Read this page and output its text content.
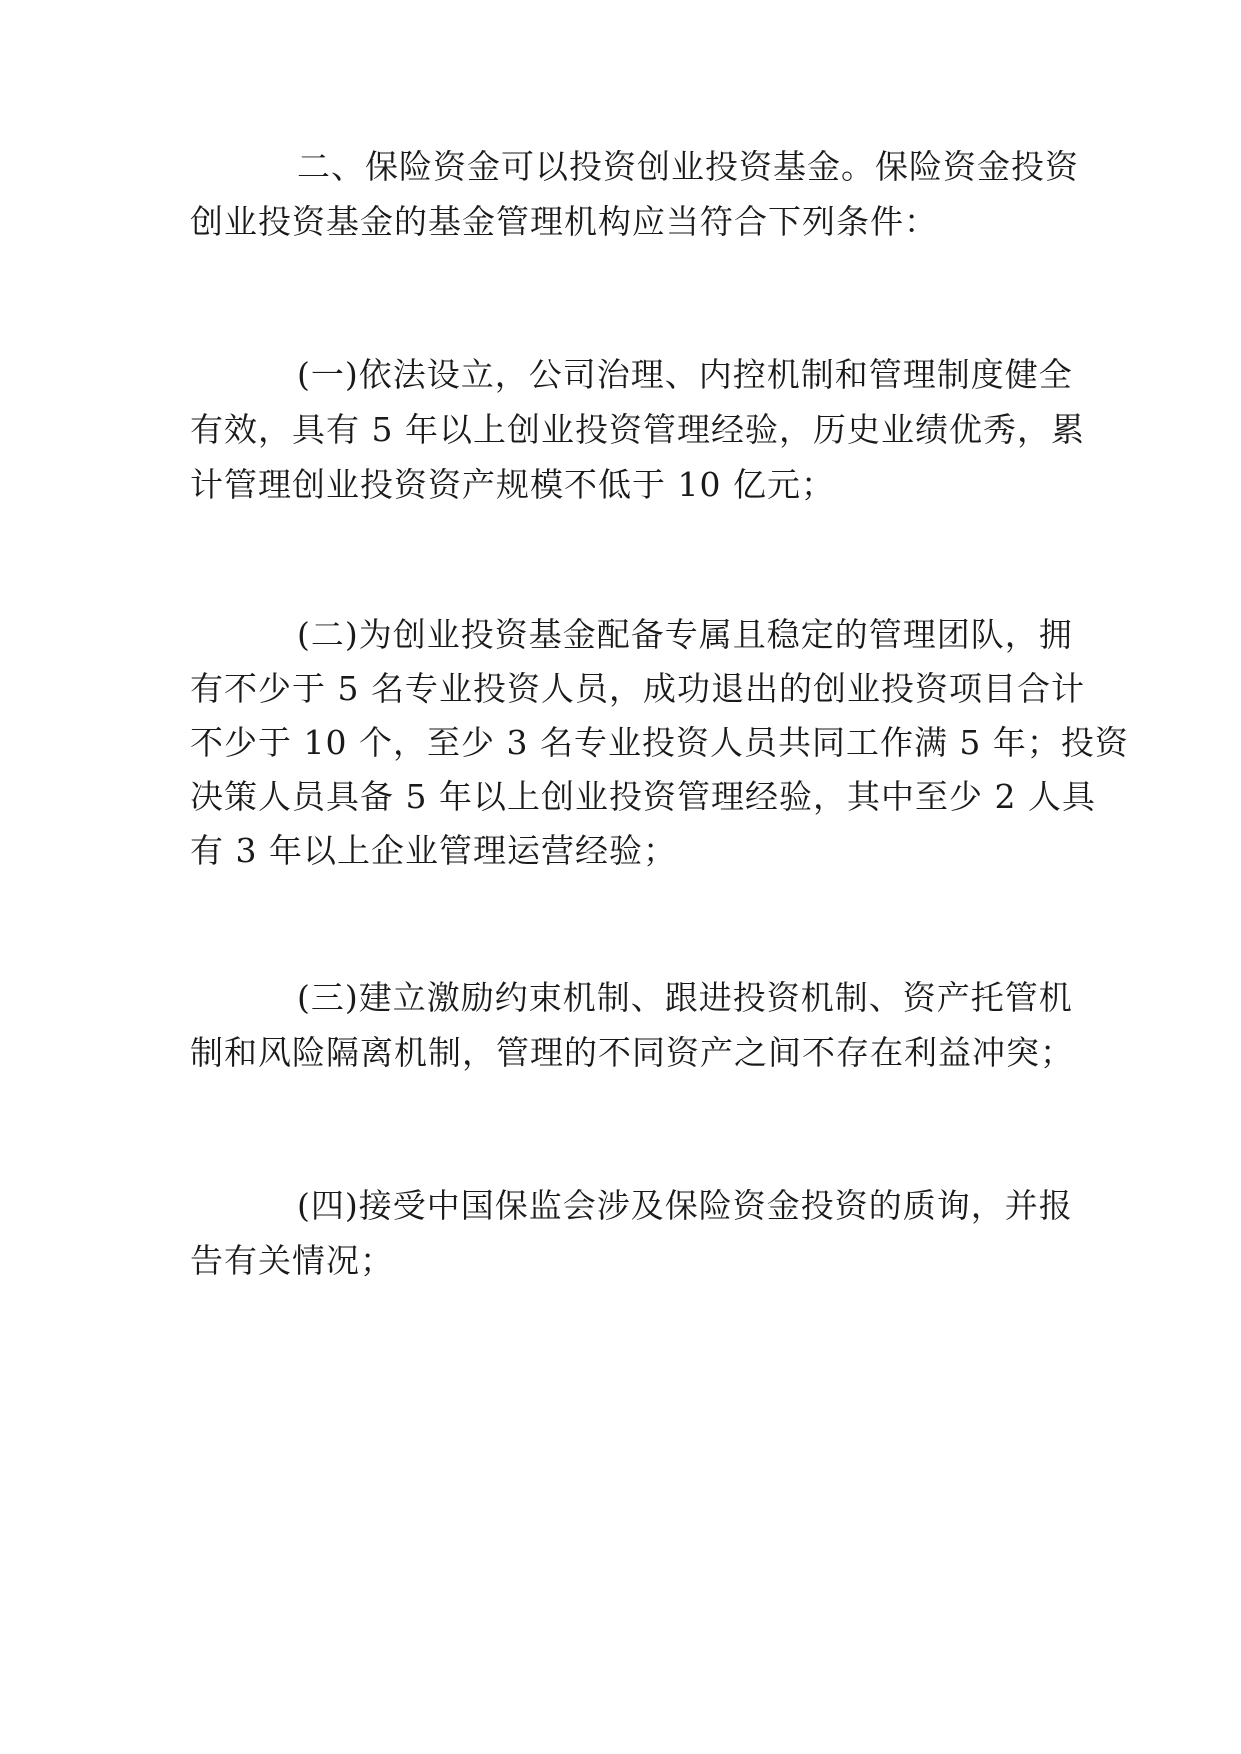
二、保险资金可以投资创业投资基金。保险资金投资
创业投资基金的基金管理机构应当符合下列条件：
(一)依法设立，公司治理、内控机制和管理制度健全
有效，具有 5 年以上创业投资管理经验，历史业绩优秀，累
计管理创业投资资产规模不低于 10 亿元；
(二)为创业投资基金配备专属且稳定的管理团队，拥
有不少于 5 名专业投资人员，成功退出的创业投资项目合计
不少于 10 个，至少 3 名专业投资人员共同工作满 5 年；投资
决策人员具备 5 年以上创业投资管理经验，其中至少 2 人具
有 3 年以上企业管理运营经验；
(三)建立激励约束机制、跟进投资机制、资产托管机
制和风险隔离机制，管理的不同资产之间不存在利益冲突；
(四)接受中国保监会涉及保险资金投资的质询，并报
告有关情况；
